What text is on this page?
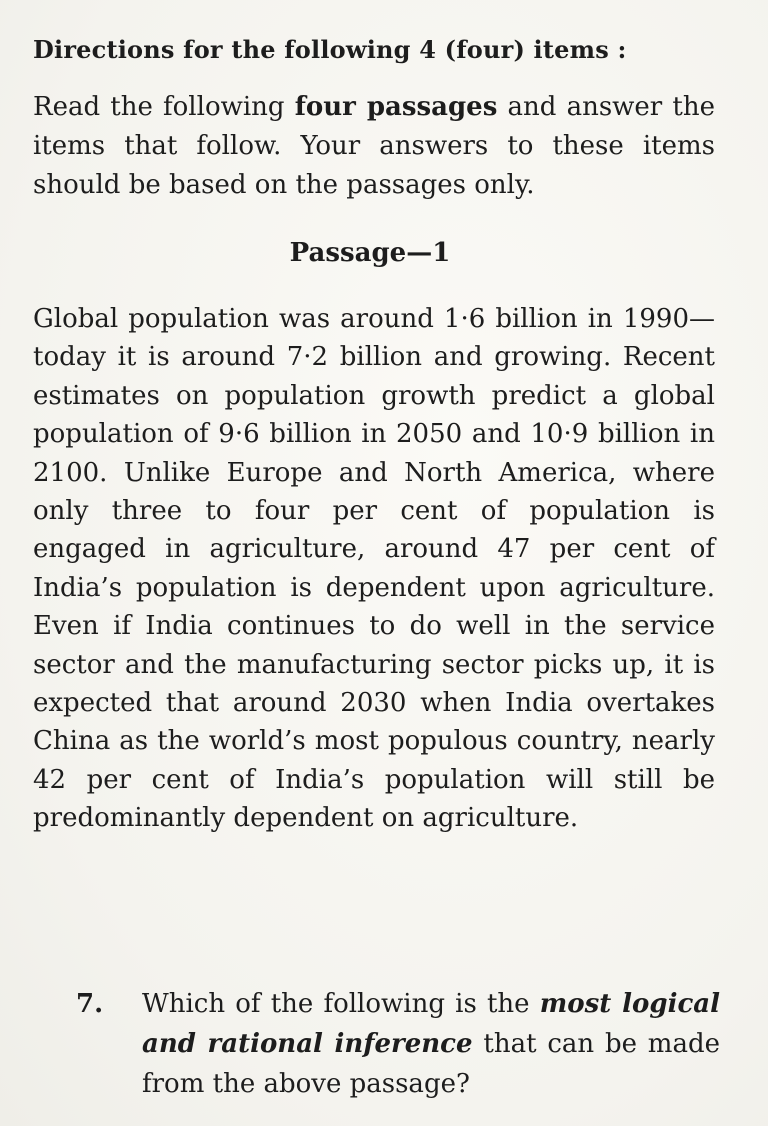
Directions for the following 4 (four) items :

Read the following four passages and answer the items that follow. Your answers to these items should be based on the passages only.

Passage—1

Global population was around 1·6 billion in 1990—today it is around 7·2 billion and growing. Recent estimates on population growth predict a global population of 9·6 billion in 2050 and 10·9 billion in 2100. Unlike Europe and North America, where only three to four per cent of population is engaged in agriculture, around 47 per cent of India’s population is dependent upon agriculture. Even if India continues to do well in the service sector and the manufacturing sector picks up, it is expected that around 2030 when India overtakes China as the world’s most populous country, nearly 42 per cent of India’s population will still be predominantly dependent on agriculture.

7. Which of the following is the most logical and rational inference that can be made from the above passage?
